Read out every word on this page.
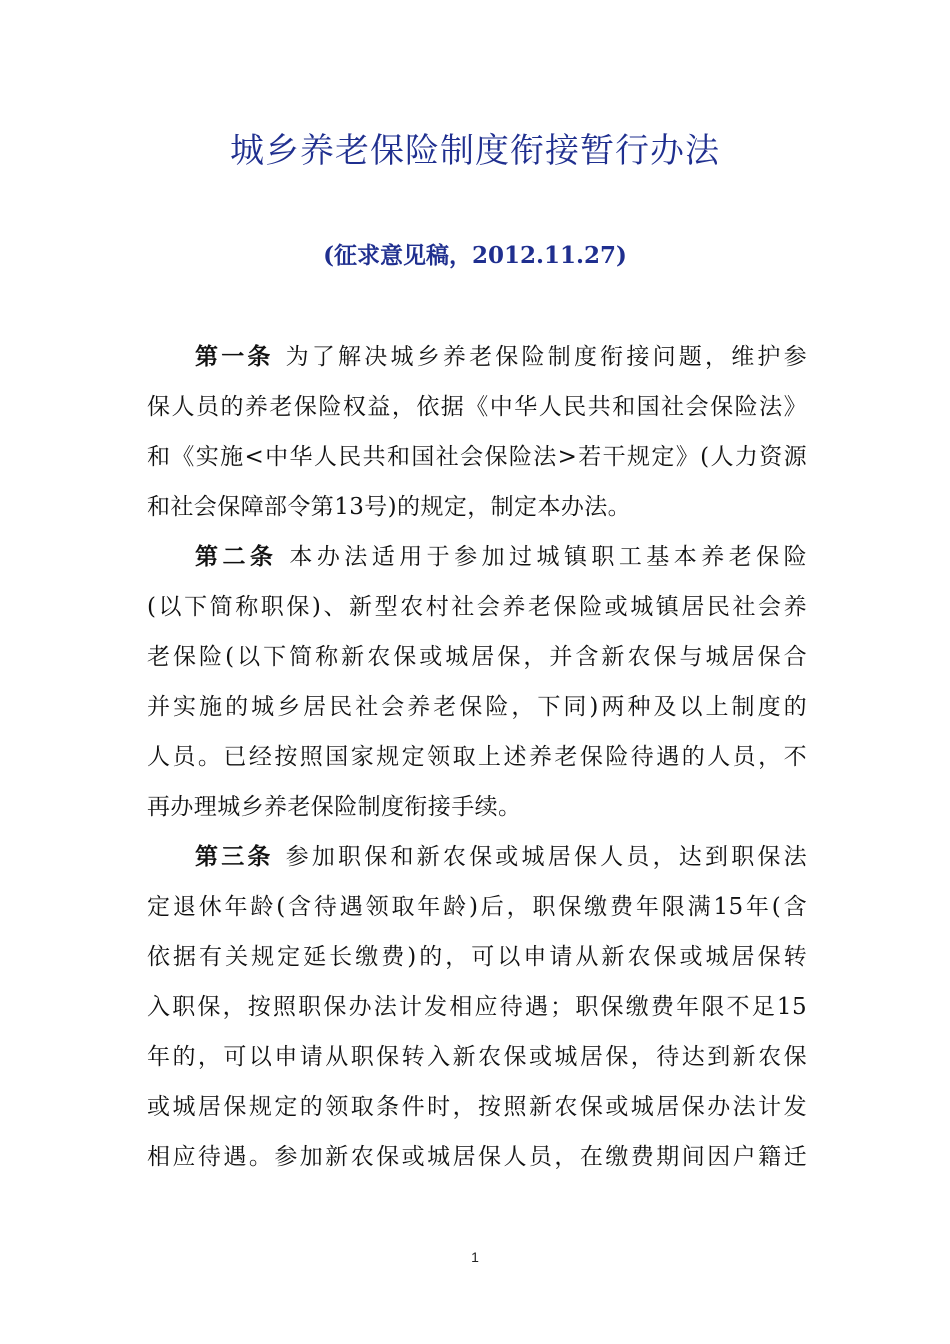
城乡养老保险制度衔接暂行办法
(征求意见稿，2012.11.27)
第一条 为了解决城乡养老保险制度衔接问题，维护参
保人员的养老保险权益，依据《中华人民共和国社会保险法》
和《实施<中华人民共和国社会保险法>若干规定》(人力资源
和社会保障部令第13号)的规定，制定本办法。
第二条 本办法适用于参加过城镇职工基本养老保险
(以下简称职保)、新型农村社会养老保险或城镇居民社会养
老保险(以下简称新农保或城居保，并含新农保与城居保合
并实施的城乡居民社会养老保险，下同)两种及以上制度的
人员。已经按照国家规定领取上述养老保险待遇的人员，不
再办理城乡养老保险制度衔接手续。
第三条 参加职保和新农保或城居保人员，达到职保法
定退休年龄(含待遇领取年龄)后，职保缴费年限满15年(含
依据有关规定延长缴费)的，可以申请从新农保或城居保转
入职保，按照职保办法计发相应待遇；职保缴费年限不足15
年的，可以申请从职保转入新农保或城居保，待达到新农保
或城居保规定的领取条件时，按照新农保或城居保办法计发
相应待遇。参加新农保或城居保人员，在缴费期间因户籍迁
1
